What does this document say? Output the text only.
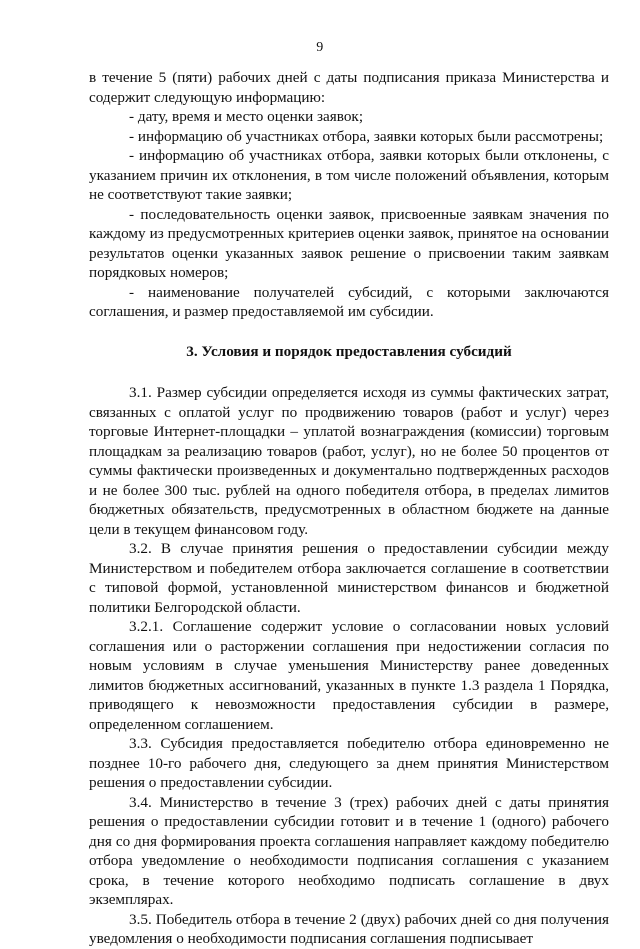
9

в течение 5 (пяти) рабочих дней с даты подписания приказа Министерства и содержит следующую информацию:

- дату, время и место оценки заявок;

- информацию об участниках отбора, заявки которых были рассмотрены;

- информацию об участниках отбора, заявки которых были отклонены, с указанием причин их отклонения, в том числе положений объявления, которым не соответствуют такие заявки;

- последовательность оценки заявок, присвоенные заявкам значения по каждому из предусмотренных критериев оценки заявок, принятое на основании результатов оценки указанных заявок решение о присвоении таким заявкам порядковых номеров;

- наименование получателей субсидий, с которыми заключаются соглашения, и размер предоставляемой им субсидии.

3. Условия и порядок предоставления субсидий

3.1. Размер субсидии определяется исходя из суммы фактических затрат, связанных с оплатой услуг по продвижению товаров (работ и услуг) через торговые Интернет-площадки – уплатой вознаграждения (комиссии) торговым площадкам за реализацию товаров (работ, услуг), но не более 50 процентов от суммы фактически произведенных и документально подтвержденных расходов и не более 300 тыс. рублей на одного победителя отбора, в пределах лимитов бюджетных обязательств, предусмотренных в областном бюджете на данные цели в текущем финансовом году.

3.2. В случае принятия решения о предоставлении субсидии между Министерством и победителем отбора заключается соглашение в соответствии с типовой формой, установленной министерством финансов и бюджетной политики Белгородской области.

3.2.1. Соглашение содержит условие о согласовании новых условий соглашения или о расторжении соглашения при недостижении согласия по новым условиям в случае уменьшения Министерству ранее доведенных лимитов бюджетных ассигнований, указанных в пункте 1.3 раздела 1 Порядка, приводящего к невозможности предоставления субсидии в размере, определенном соглашением.

3.3. Субсидия предоставляется победителю отбора единовременно не позднее 10-го рабочего дня, следующего за днем принятия Министерством решения о предоставлении субсидии.

3.4. Министерство в течение 3 (трех) рабочих дней с даты принятия решения о предоставлении субсидии готовит и в течение 1 (одного) рабочего дня со дня формирования проекта соглашения направляет каждому победителю отбора уведомление о необходимости подписания соглашения с указанием срока, в течение которого необходимо подписать соглашение в двух экземплярах.

3.5. Победитель отбора в течение 2 (двух) рабочих дней со дня получения уведомления о необходимости подписания соглашения подписывает
